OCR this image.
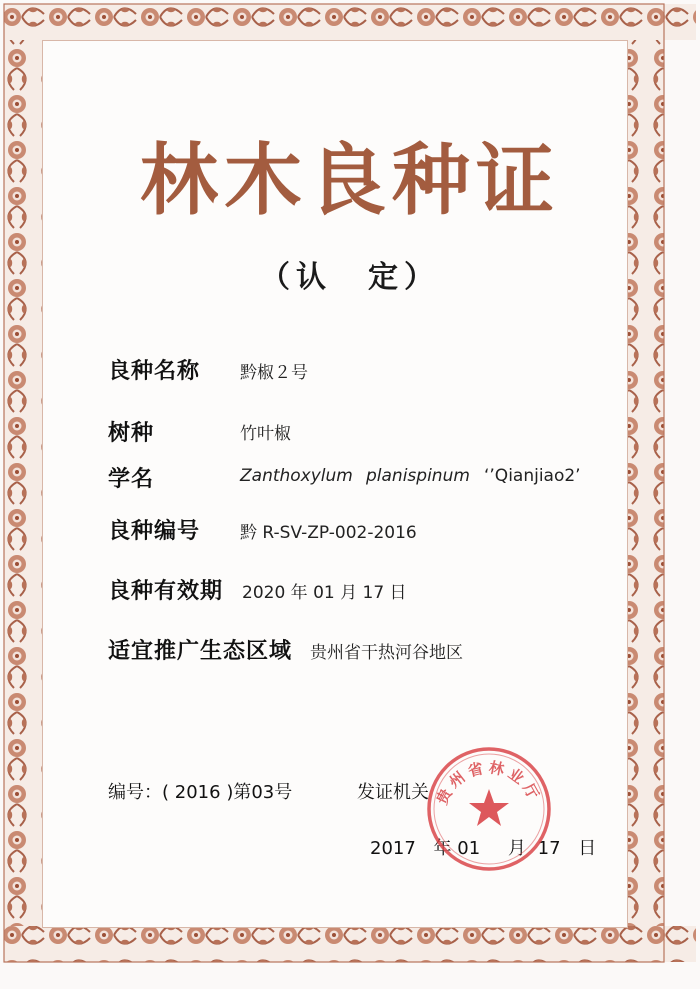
林木良种证
（认　定）
良种名称 黔椒２号
树种	竹叶椒
学名	Zanthoxylum planispinum ‘’Qianjiao2’
良种编号 黔 R-SV-ZP-002-2016
良种有效期 2020 年 01 月 17 日
适宜推广生态区域 贵州省干热河谷地区
编号：( 2016 )第03号	发证机关
2017 年 01 月 17 日
贵州省林业厅
